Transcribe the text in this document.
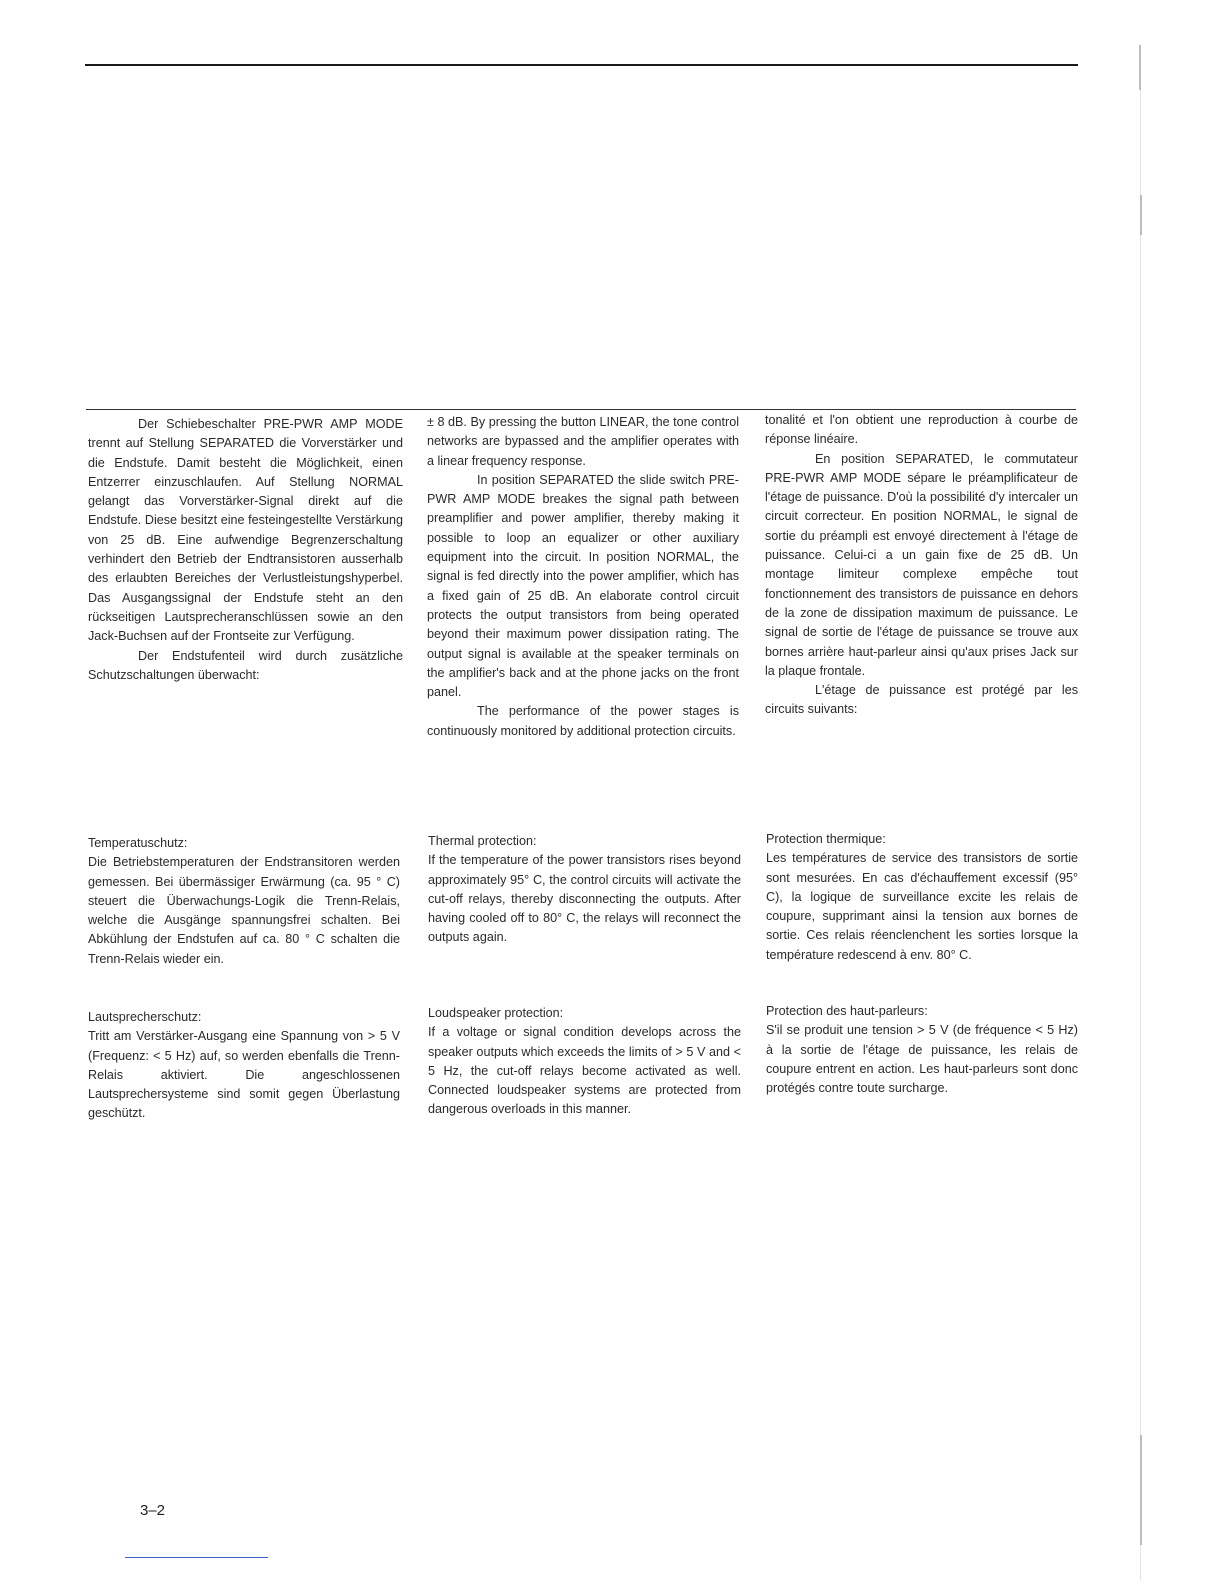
Der Schiebeschalter PRE-PWR AMP MODE trennt auf Stellung SEPARATED die Vorverstärker und die Endstufe. Damit besteht die Möglichkeit, einen Entzerrer einzuschlaufen. Auf Stellung NORMAL gelangt das Vorverstärker-Signal direkt auf die Endstufe. Diese besitzt eine festeingestellte Verstärkung von 25 dB. Eine aufwendige Begrenzerschaltung verhindert den Betrieb der Endtransistoren ausserhalb des erlaubten Bereiches der Verlustleistungshyperbel. Das Ausgangssignal der Endstufe steht an den rückseitigen Lautsprecheranschlüssen sowie an den Jack-Buchsen auf der Frontseite zur Verfügung.

Der Endstufenteil wird durch zusätzliche Schutzschaltungen überwacht:

± 8 dB. By pressing the button LINEAR, the tone control networks are bypassed and the amplifier operates with a linear frequency response.

In position SEPARATED the slide switch PRE-PWR AMP MODE breakes the signal path between preamplifier and power amplifier, thereby making it possible to loop an equalizer or other auxiliary equipment into the circuit. In position NORMAL, the signal is fed directly into the power amplifier, which has a fixed gain of 25 dB. An elaborate control circuit protects the output transistors from being operated beyond their maximum power dissipation rating. The output signal is available at the speaker terminals on the amplifier's back and at the phone jacks on the front panel.

The performance of the power stages is continuously monitored by additional protection circuits.

tonalité et l'on obtient une reproduction à courbe de réponse linéaire.

En position SEPARATED, le commutateur PRE-PWR AMP MODE sépare le préamplificateur de l'étage de puissance. D'où la possibilité d'y intercaler un circuit correcteur. En position NORMAL, le signal de sortie du préampli est envoyé directement à l'étage de puissance. Celui-ci a un gain fixe de 25 dB. Un montage limiteur complexe empêche tout fonctionnement des transistors de puissance en dehors de la zone de dissipation maximum de puissance. Le signal de sortie de l'étage de puissance se trouve aux bornes arrière haut-parleur ainsi qu'aux prises Jack sur la plaque frontale.

L'étage de puissance est protégé par les circuits suivants:

Temperatuschutz:

Die Betriebstemperaturen der Endstransitoren werden gemessen. Bei übermässiger Erwärmung (ca. 95 ° C) steuert die Überwachungs-Logik die Trenn-Relais, welche die Ausgänge spannungsfrei schalten. Bei Abkühlung der Endstufen auf ca. 80 ° C schalten die Trenn-Relais wieder ein.

Thermal protection:

If the temperature of the power transistors rises beyond approximately 95° C, the control circuits will activate the cut-off relays, thereby disconnecting the outputs. After having cooled off to 80° C, the relays will reconnect the outputs again.

Protection thermique:

Les températures de service des transistors de sortie sont mesurées. En cas d'échauffement excessif (95° C), la logique de surveillance excite les relais de coupure, supprimant ainsi la tension aux bornes de sortie. Ces relais réenclenchent les sorties lorsque la température redescend à env. 80° C.

Lautsprecherschutz:

Tritt am Verstärker-Ausgang eine Spannung von > 5 V (Frequenz: < 5 Hz) auf, so werden ebenfalls die Trenn-Relais aktiviert. Die angeschlossenen Lautsprechersysteme sind somit gegen Überlastung geschützt.

Loudspeaker protection:

If a voltage or signal condition develops across the speaker outputs which exceeds the limits of > 5 V and < 5 Hz, the cut-off relays become activated as well. Connected loudspeaker systems are protected from dangerous overloads in this manner.

Protection des haut-parleurs:

S'il se produit une tension > 5 V (de fréquence < 5 Hz) à la sortie de l'étage de puissance, les relais de coupure entrent en action. Les haut-parleurs sont donc protégés contre toute surcharge.

3–2
